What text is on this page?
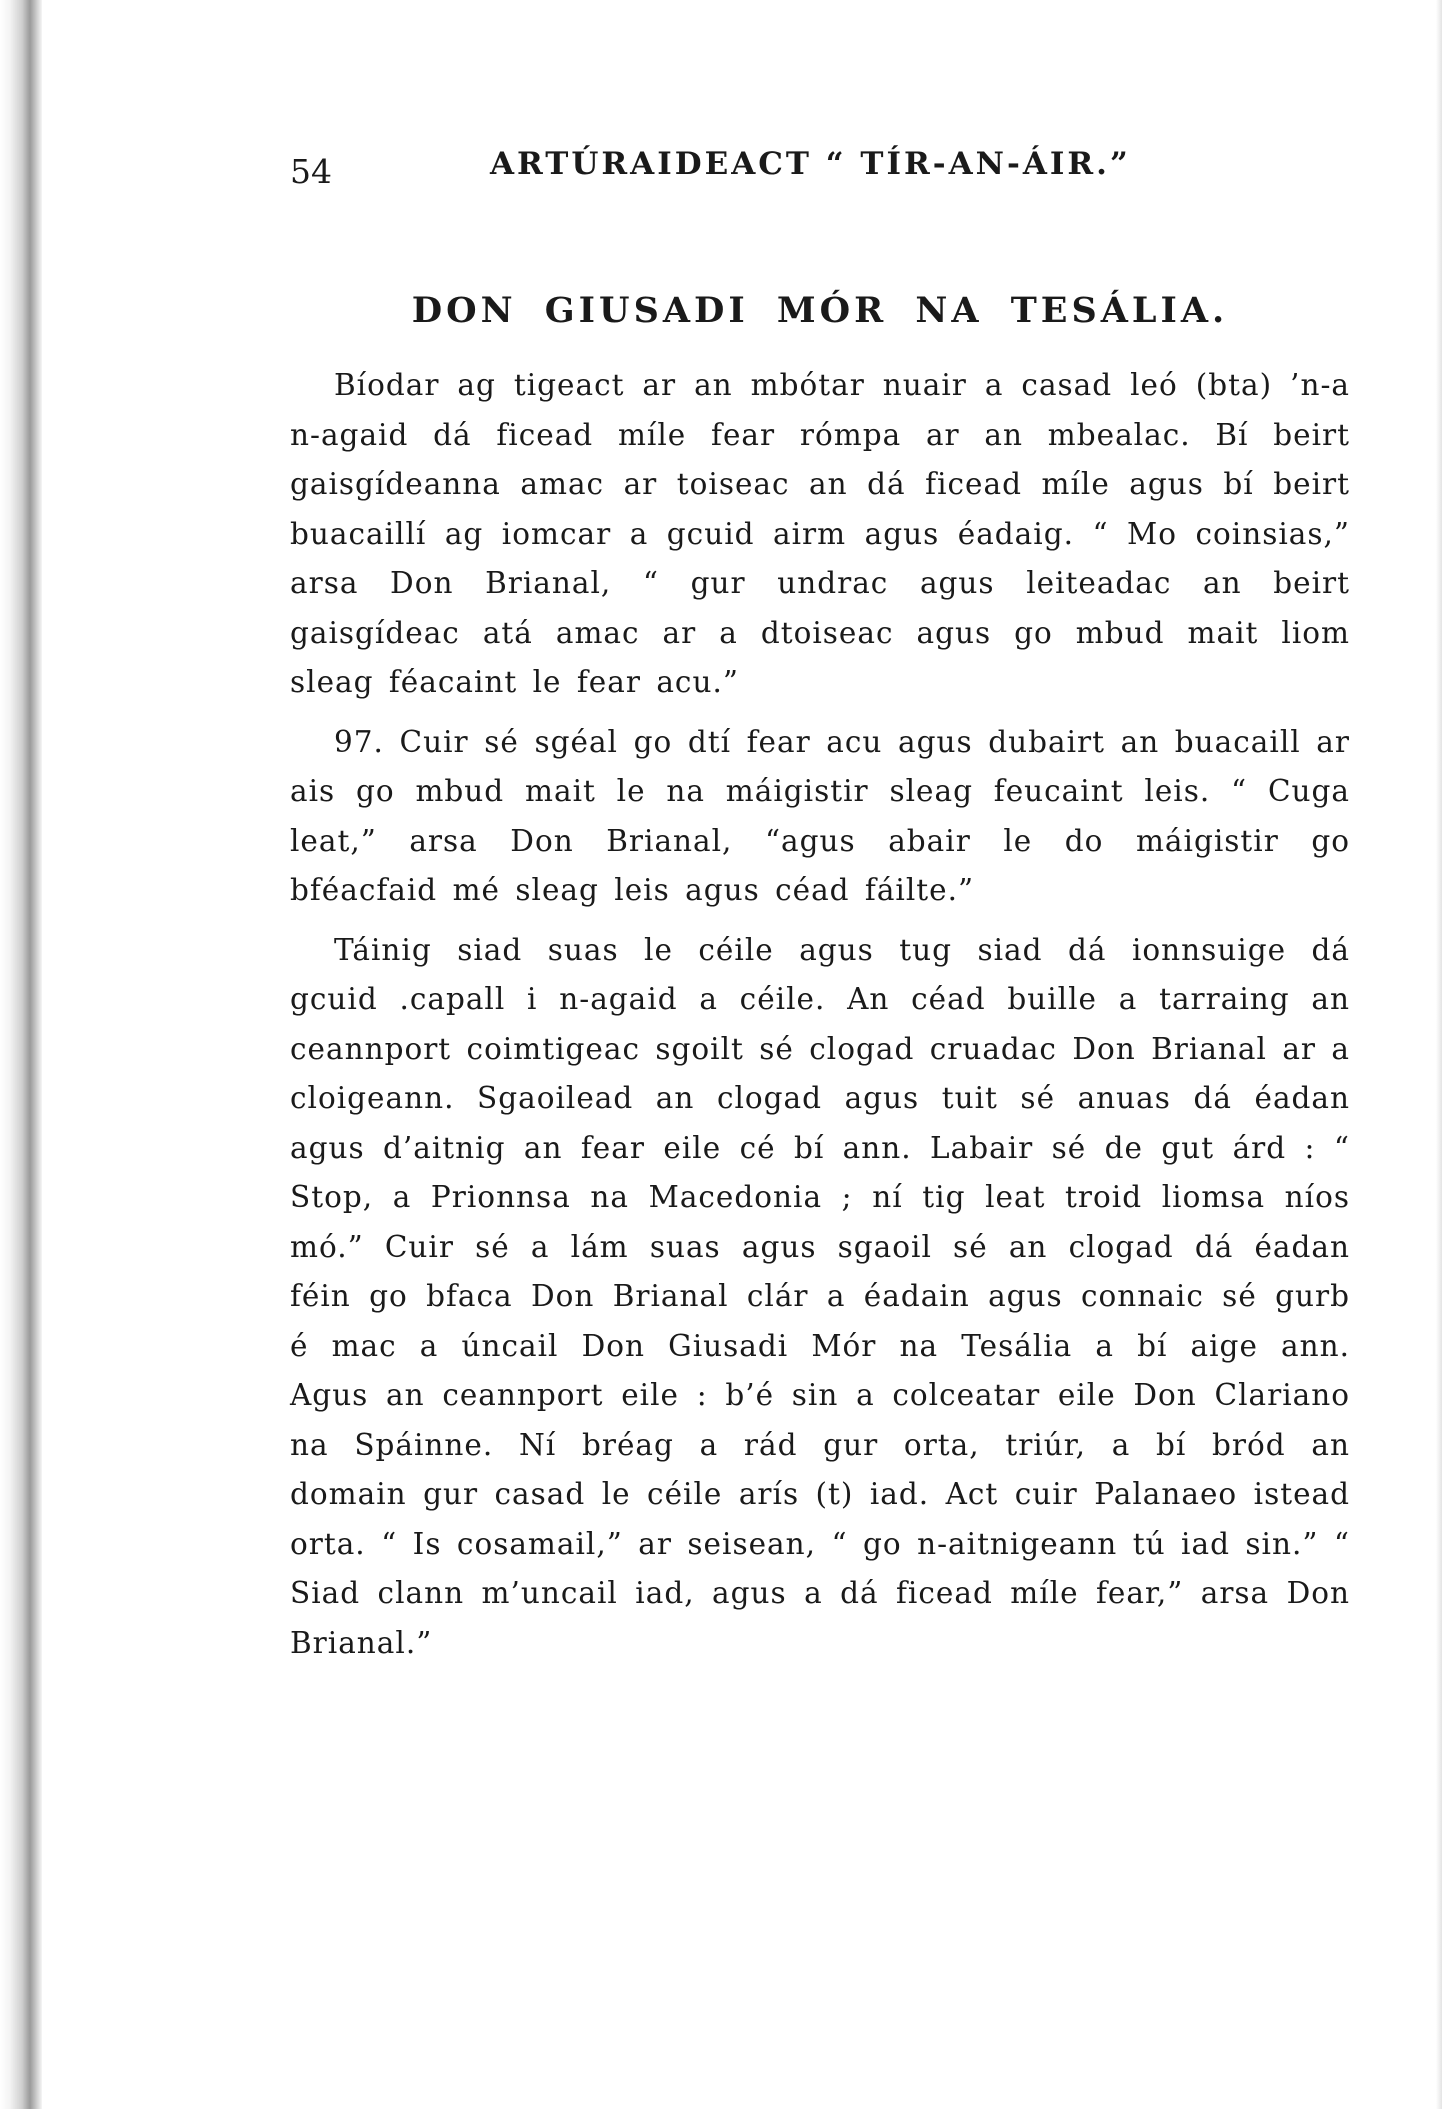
54	ARTÚRAIDEACT “ TÍR-AN-ÁIR.”
DON GIUSADI MÓR NA TESÁLIA.

Bíodar ag tigeact ar an mbótar nuair a casad leó (bta) ’n-a n-agaid dá ficead míle fear rómpa ar an mbealac. Bí beirt gaisgídeanna amac ar toiseac an dá ficead míle agus bí beirt buacaillí ag iomcar a gcuid airm agus éadaig. “ Mo coinsias,” arsa Don Brianal, “ gur undrac agus leiteadac an beirt gaisgídeac atá amac ar a dtoiseac agus go mbud mait liom sleag féacaint le fear acu.”

97. Cuir sé sgéal go dtí fear acu agus dubairt an buacaill ar ais go mbud mait le na máigistir sleag feucaint leis. “ Cuga leat,” arsa Don Brianal, “agus abair le do máigistir go bféacfaid mé sleag leis agus céad fáilte.”

Táinig siad suas le céile agus tug siad dá ionnsuige dá gcuid .capall i n-agaid a céile. An céad buille a tarraing an ceannport coimtigeac sgoilt sé clogad cruadac Don Brianal ar a cloigeann. Sgaoilead an clogad agus tuit sé anuas dá éadan agus d’aitnig an fear eile cé bí ann. Labair sé de gut árd : “ Stop, a Prionnsa na Macedonia ; ní tig leat troid liomsa níos mó.” Cuir sé a lám suas agus sgaoil sé an clogad dá éadan féin go bfaca Don Brianal clár a éadain agus connaic sé gurb é mac a úncail Don Giusadi Mór na Tesália a bí aige ann. Agus an ceannport eile : b’é sin a colceatar eile Don Clariano na Spáinne. Ní bréag a rád gur orta, triúr, a bí bród an domain gur casad le céile arís (t) iad. Act cuir Palanaeo istead orta. “ Is cosamail,” ar seisean, “ go n-aitnigeann tú iad sin.” “ Siad clann m’uncail iad, agus a dá ficead míle fear,” arsa Don Brianal.”
